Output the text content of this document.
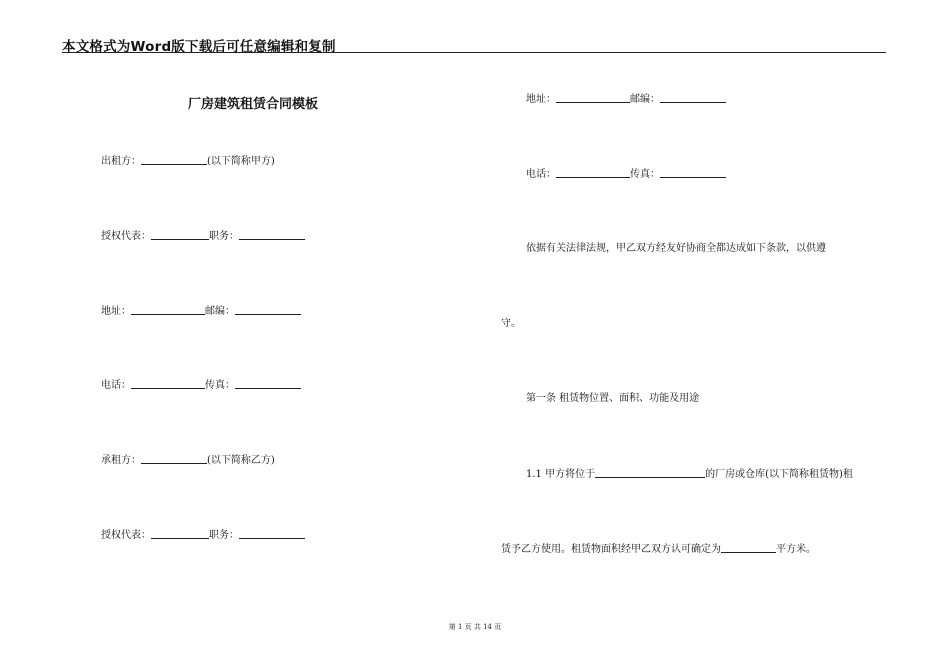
本文格式为Word版下载后可任意编辑和复制
厂房建筑租赁合同模板
出租方：	(以下简称甲方)
授权代表：	职务：
地址：	邮编：
电话：	传真：
承租方：	(以下简称乙方)
授权代表：	职务：
地址：	邮编：
电话：	传真：
依据有关法律法规，甲乙双方经友好协商全都达成如下条款，以供遵
守。
第一条 租赁物位置、面积、功能及用途
1.1 甲方将位于	的厂房或仓库(以下简称租赁物)租
赁予乙方使用。租赁物面积经甲乙双方认可确定为	平方米。
第 1 页 共 14 页
